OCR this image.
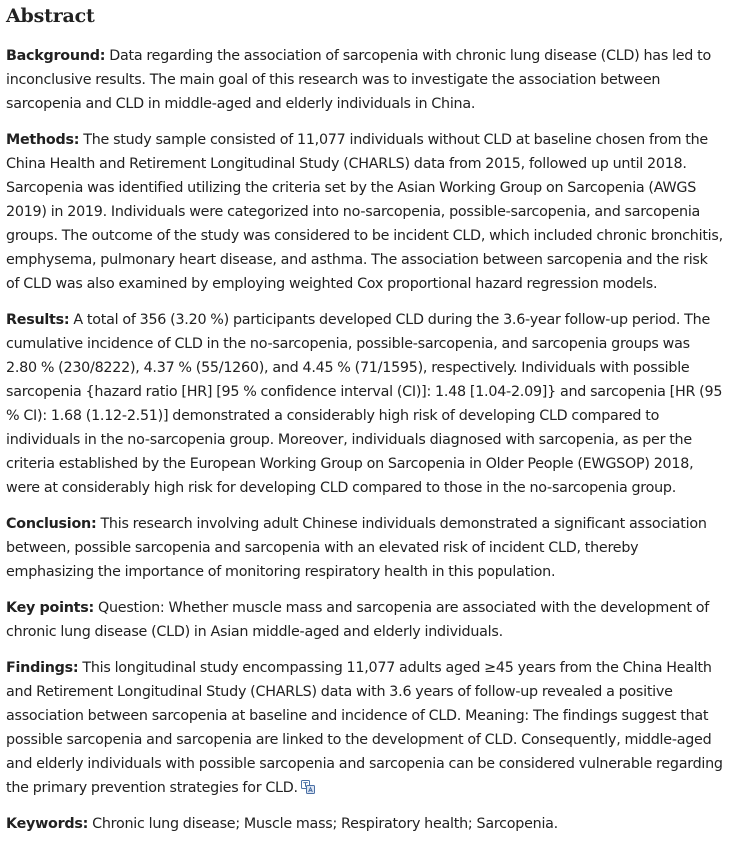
Abstract

Background: Data regarding the association of sarcopenia with chronic lung disease (CLD) has led to inconclusive results. The main goal of this research was to investigate the association between sarcopenia and CLD in middle-aged and elderly individuals in China.

Methods: The study sample consisted of 11,077 individuals without CLD at baseline chosen from the China Health and Retirement Longitudinal Study (CHARLS) data from 2015, followed up until 2018. Sarcopenia was identified utilizing the criteria set by the Asian Working Group on Sarcopenia (AWGS 2019) in 2019. Individuals were categorized into no-sarcopenia, possible-sarcopenia, and sarcopenia groups. The outcome of the study was considered to be incident CLD, which included chronic bronchitis, emphysema, pulmonary heart disease, and asthma. The association between sarcopenia and the risk of CLD was also examined by employing weighted Cox proportional hazard regression models.

Results: A total of 356 (3.20 %) participants developed CLD during the 3.6-year follow-up period. The cumulative incidence of CLD in the no-sarcopenia, possible-sarcopenia, and sarcopenia groups was 2.80 % (230/8222), 4.37 % (55/1260), and 4.45 % (71/1595), respectively. Individuals with possible sarcopenia {hazard ratio [HR] [95 % confidence interval (CI)]: 1.48 [1.04-2.09]} and sarcopenia [HR (95 % CI): 1.68 (1.12-2.51)] demonstrated a considerably high risk of developing CLD compared to individuals in the no-sarcopenia group. Moreover, individuals diagnosed with sarcopenia, as per the criteria established by the European Working Group on Sarcopenia in Older People (EWGSOP) 2018, were at considerably high risk for developing CLD compared to those in the no-sarcopenia group.

Conclusion: This research involving adult Chinese individuals demonstrated a significant association between, possible sarcopenia and sarcopenia with an elevated risk of incident CLD, thereby emphasizing the importance of monitoring respiratory health in this population.

Key points: Question: Whether muscle mass and sarcopenia are associated with the development of chronic lung disease (CLD) in Asian middle-aged and elderly individuals.

Findings: This longitudinal study encompassing 11,077 adults aged ≥45 years from the China Health and Retirement Longitudinal Study (CHARLS) data with 3.6 years of follow-up revealed a positive association between sarcopenia at baseline and incidence of CLD. Meaning: The findings suggest that possible sarcopenia and sarcopenia are linked to the development of CLD. Consequently, middle-aged and elderly individuals with possible sarcopenia and sarcopenia can be considered vulnerable regarding the primary prevention strategies for CLD.

Keywords: Chronic lung disease; Muscle mass; Respiratory health; Sarcopenia.
